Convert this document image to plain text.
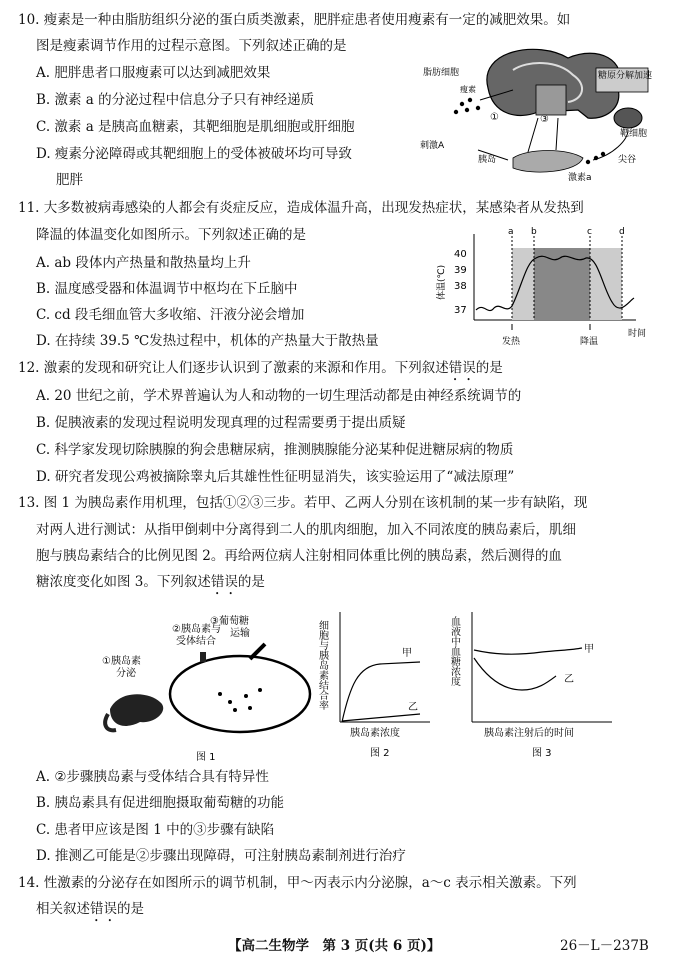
10. 瘦素是一种由脂肪组织分泌的蛋白质类激素，肥胖症患者使用瘦素有一定的减肥效果。如
图是瘦素调节作用的过程示意图。下列叙述正确的是
A. 肥胖患者口服瘦素可以达到减肥效果
B. 激素 a 的分泌过程中信息分子只有神经递质
C. 激素 a 是胰高血糖素，其靶细胞是肌细胞或肝细胞
D. 瘦素分泌障碍或其靶细胞上的受体被破坏均可导致
肥胖
糖原分解加速
脂肪细胞
瘦素
①	③
刺激A
胰岛
靶细胞
激素a
尖谷
11. 大多数被病毒感染的人都会有炎症反应，造成体温升高，出现发热症状，某感染者从发热到
降温的体温变化如图所示。下列叙述正确的是
A. ab 段体内产热量和散热量均上升
B. 温度感受器和体温调节中枢均在下丘脑中
C. cd 段毛细血管大多收缩、汗液分泌会增加
D. 在持续 39.5 ℃发热过程中，机体的产热量大于散热量
体温(℃)
40
39
38
37
a b	c	d
时间
发热	降温
12. 激素的发现和研究让人们逐步认识到了激素的来源和作用。下列叙述错误的是
A. 20 世纪之前，学术界普遍认为人和动物的一切生理活动都是由神经系统调节的
B. 促胰液素的发现过程说明发现真理的过程需要勇于提出质疑
C. 科学家发现切除胰腺的狗会患糖尿病，推测胰腺能分泌某种促进糖尿病的物质
D. 研究者发现公鸡被摘除睾丸后其雄性性征明显消失，该实验运用了“减法原理”
13. 图 1 为胰岛素作用机理，包括①②③三步。若甲、乙两人分别在该机制的某一步有缺陷，现
对两人进行测试：从指甲倒刺中分离得到二人的肌肉细胞，加入不同浓度的胰岛素后，肌细
胞与胰岛素结合的比例见图 2。再给两位病人注射相同体重比例的胰岛素，然后测得的血
糖浓度变化如图 3。下列叙述错误的是
③葡萄糖
运输
②胰岛素与
受体结合
①胰岛素
分泌
图 1
细胞与胰岛素结合率	甲
乙
胰岛素浓度
图 2
血液中血糖浓度	甲
乙
胰岛素注射后的时间
图 3
A. ②步骤胰岛素与受体结合具有特异性
B. 胰岛素具有促进细胞摄取葡萄糖的功能
C. 患者甲应该是图 1 中的③步骤有缺陷
D. 推测乙可能是②步骤出现障碍，可注射胰岛素制剂进行治疗
14. 性激素的分泌存在如图所示的调节机制，甲～丙表示内分泌腺，a～c 表示相关激素。下列
相关叙述错误的是
【高二生物学　第 3 页(共 6 页)】	26－L－237B
